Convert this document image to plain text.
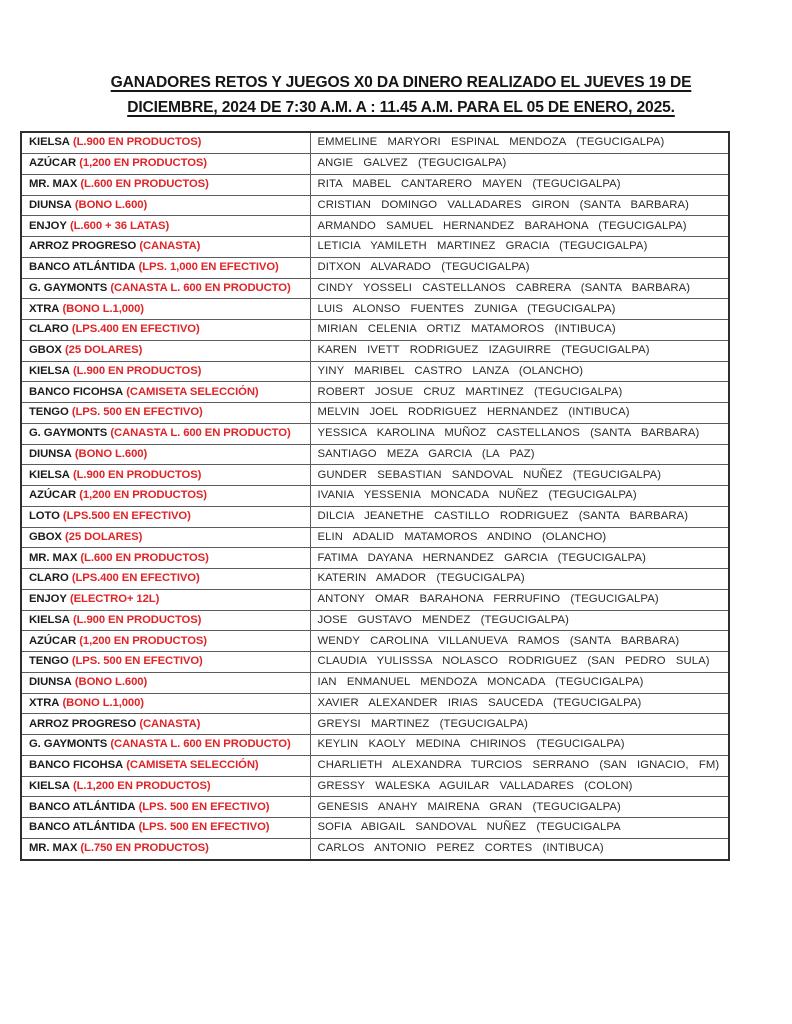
GANADORES RETOS Y JUEGOS X0 DA DINERO REALIZADO EL JUEVES 19 DE
DICIEMBRE, 2024 DE 7:30 A.M. A : 11.45 A.M. PARA EL 05 DE ENERO, 2025.
KIELSA (L.900 EN PRODUCTOS)	EMMELINE MARYORI ESPINAL MENDOZA (TEGUCIGALPA)
AZÚCAR (1,200 EN PRODUCTOS)	ANGIE GALVEZ (TEGUCIGALPA)
MR. MAX (L.600 EN PRODUCTOS)	RITA MABEL CANTARERO MAYEN (TEGUCIGALPA)
DIUNSA (BONO L.600)	CRISTIAN DOMINGO VALLADARES GIRON (SANTA BARBARA)
ENJOY (L.600 + 36 LATAS)	ARMANDO SAMUEL HERNANDEZ BARAHONA (TEGUCIGALPA)
ARROZ PROGRESO (CANASTA)	LETICIA YAMILETH MARTINEZ GRACIA (TEGUCIGALPA)
BANCO ATLÁNTIDA (LPS. 1,000 EN EFECTIVO)	DITXON ALVARADO (TEGUCIGALPA)
G. GAYMONTS (CANASTA L. 600 EN PRODUCTO)	CINDY YOSSELI CASTELLANOS CABRERA (SANTA BARBARA)
XTRA (BONO L.1,000)	LUIS ALONSO FUENTES ZUNIGA (TEGUCIGALPA)
CLARO (LPS.400 EN EFECTIVO)	MIRIAN CELENIA ORTIZ MATAMOROS (INTIBUCA)
GBOX (25 DOLARES)	KAREN IVETT RODRIGUEZ IZAGUIRRE (TEGUCIGALPA)
KIELSA (L.900 EN PRODUCTOS)	YINY MARIBEL CASTRO LANZA (OLANCHO)
BANCO FICOHSA (CAMISETA SELECCIÓN)	ROBERT JOSUE CRUZ MARTINEZ (TEGUCIGALPA)
TENGO (LPS. 500 EN EFECTIVO)	MELVIN JOEL RODRIGUEZ HERNANDEZ (INTIBUCA)
G. GAYMONTS (CANASTA L. 600 EN PRODUCTO)	YESSICA KAROLINA MUÑOZ CASTELLANOS (SANTA BARBARA)
DIUNSA (BONO L.600)	SANTIAGO MEZA GARCIA (LA PAZ)
KIELSA (L.900 EN PRODUCTOS)	GUNDER SEBASTIAN SANDOVAL NUÑEZ (TEGUCIGALPA)
AZÚCAR (1,200 EN PRODUCTOS)	IVANIA YESSENIA MONCADA NUÑEZ (TEGUCIGALPA)
LOTO (LPS.500 EN EFECTIVO)	DILCIA JEANETHE CASTILLO RODRIGUEZ (SANTA BARBARA)
GBOX (25 DOLARES)	ELIN ADALID MATAMOROS ANDINO (OLANCHO)
MR. MAX (L.600 EN PRODUCTOS)	FATIMA DAYANA HERNANDEZ GARCIA (TEGUCIGALPA)
CLARO (LPS.400 EN EFECTIVO)	KATERIN AMADOR (TEGUCIGALPA)
ENJOY (ELECTRO+ 12L)	ANTONY OMAR BARAHONA FERRUFINO (TEGUCIGALPA)
KIELSA (L.900 EN PRODUCTOS)	JOSE GUSTAVO MENDEZ (TEGUCIGALPA)
AZÚCAR (1,200 EN PRODUCTOS)	WENDY CAROLINA VILLANUEVA RAMOS (SANTA BARBARA)
TENGO (LPS. 500 EN EFECTIVO)	CLAUDIA YULISSSA NOLASCO RODRIGUEZ (SAN PEDRO SULA)
DIUNSA (BONO L.600)	IAN ENMANUEL MENDOZA MONCADA (TEGUCIGALPA)
XTRA (BONO L.1,000)	XAVIER ALEXANDER IRIAS SAUCEDA (TEGUCIGALPA)
ARROZ PROGRESO (CANASTA)	GREYSI MARTINEZ (TEGUCIGALPA)
G. GAYMONTS (CANASTA L. 600 EN PRODUCTO)	KEYLIN KAOLY MEDINA CHIRINOS (TEGUCIGALPA)
BANCO FICOHSA (CAMISETA SELECCIÓN)	CHARLIETH ALEXANDRA TURCIOS SERRANO (SAN IGNACIO, FM)
KIELSA (L.1,200 EN PRODUCTOS)	GRESSY WALESKA AGUILAR VALLADARES (COLON)
BANCO ATLÁNTIDA (LPS. 500 EN EFECTIVO)	GENESIS ANAHY MAIRENA GRAN (TEGUCIGALPA)
BANCO ATLÁNTIDA (LPS. 500 EN EFECTIVO)	SOFIA ABIGAIL SANDOVAL NUÑEZ (TEGUCIGALPA
MR. MAX (L.750 EN PRODUCTOS)	CARLOS ANTONIO PEREZ CORTES (INTIBUCA)
